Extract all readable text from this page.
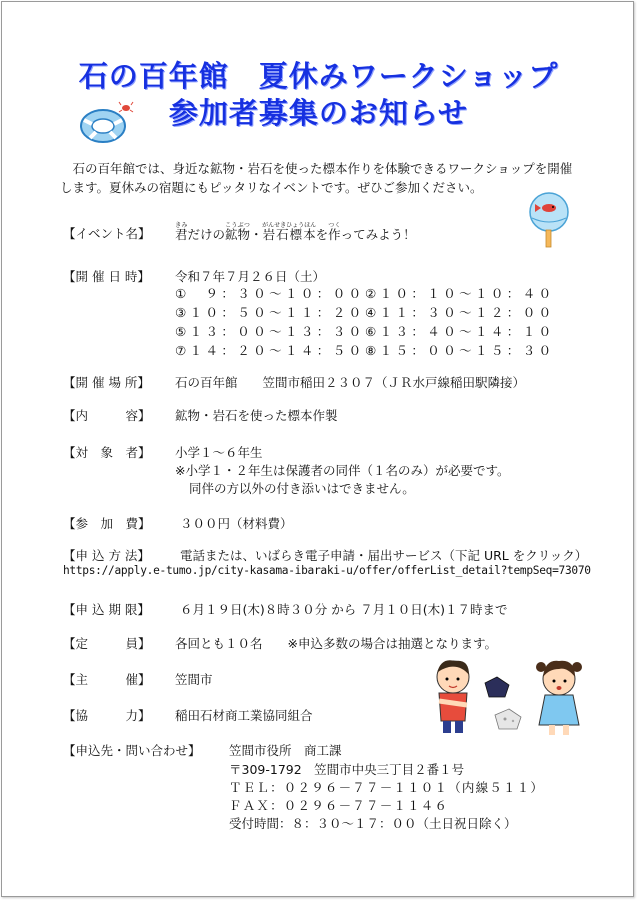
石の百年館　夏休みワークショップ
参加者募集のお知らせ

　石の百年館では、身近な鉱物・岩石を使った標本作りを体験できるワークショップを開催

します。夏休みの宿題にもピッタリなイベントです。ぜひご参加ください。

【イベント名】 君きみだけの鉱物こうぶつ・岩石標本がんせきひょうほんを作つくってみよう！
【開 催 日 時】 令和７年７月２６日（土）
①　９：３０～１０：００ ②１０：１０～１０：４０
③１０：５０～１１：２０ ④１１：３０～１２：００
⑤１３：００～１３：３０ ⑥１３：４０～１４：１０
⑦１４：２０～１４：５０ ⑧１５：００～１５：３０
【開 催 場 所】 石の百年館　　笠間市稲田２３０７（ＪＲ水戸線稲田駅隣接）
【内　　　容】 鉱物・岩石を使った標本作製
【対　象　者】 小学１～６年生
※小学１・２年生は保護者の同伴（１名のみ）が必要です。
同伴の方以外の付き添いはできません。
【参　加　費】 ３００円（材料費）
【申 込 方 法】 電話または、いばらき電子申請・届出サービス（下記 URL をクリック）
https://apply.e-tumo.jp/city-kasama-ibaraki-u/offer/offerList_detail?tempSeq=73070
【申 込 期 限】 ６月１９日(木)８時３０分 から ７月１０日(木)１７時まで
【定　　　員】 各回とも１０名　　※申込多数の場合は抽選となります。
【主　　　催】 笠間市
【協　　　力】 稲田石材商工業協同組合
【申込先・問い合わせ】 笠間市役所　商工課
〒309-1792　笠間市中央三丁目２番１号
ＴＥＬ：０２９６－７７－１１０１（内線５１１）
ＦＡＸ：０２９６－７７－１１４６
受付時間：８：３０～１７：００（土日祝日除く）
